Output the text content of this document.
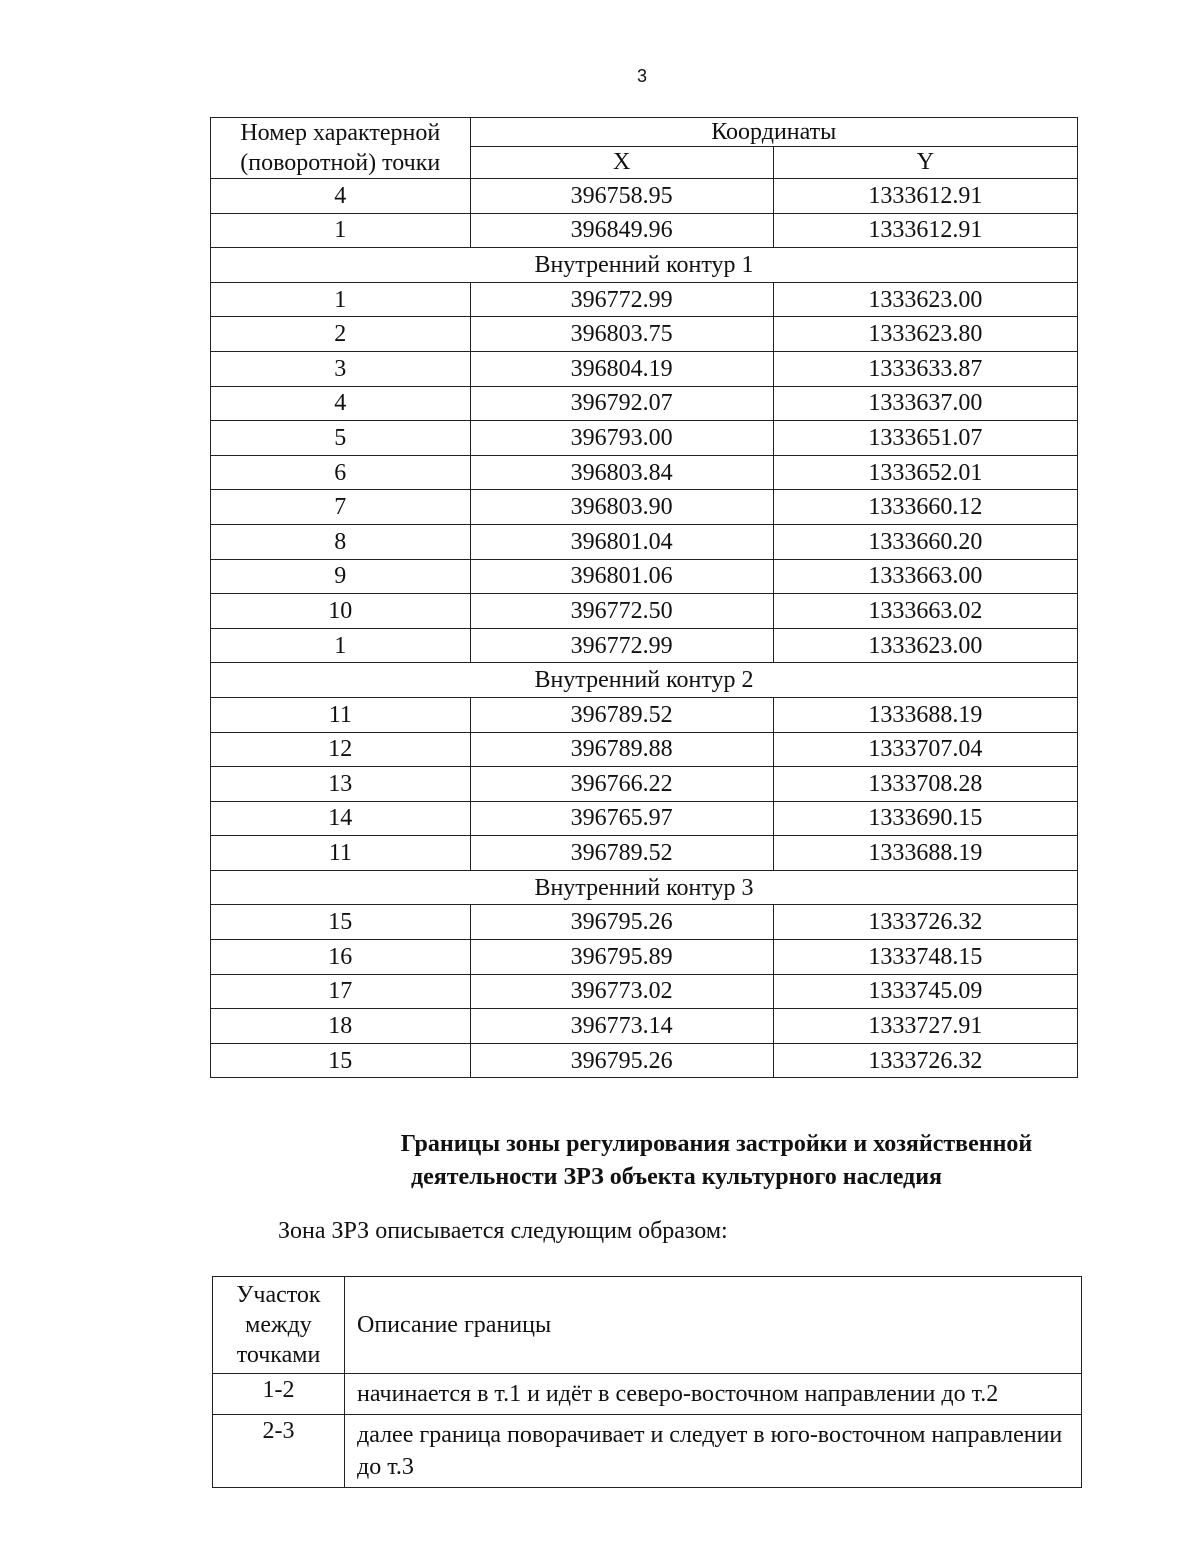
3
Номер характерной
(поворотной) точки	Координаты	
	X	Y
4	396758.95	1333612.91
1	396849.96	1333612.91
Внутренний контур 1		
1	396772.99	1333623.00
2	396803.75	1333623.80
3	396804.19	1333633.87
4	396792.07	1333637.00
5	396793.00	1333651.07
6	396803.84	1333652.01
7	396803.90	1333660.12
8	396801.04	1333660.20
9	396801.06	1333663.00
10	396772.50	1333663.02
1	396772.99	1333623.00
Внутренний контур 2		
11	396789.52	1333688.19
12	396789.88	1333707.04
13	396766.22	1333708.28
14	396765.97	1333690.15
11	396789.52	1333688.19
Внутренний контур 3		
15	396795.26	1333726.32
16	396795.89	1333748.15
17	396773.02	1333745.09
18	396773.14	1333727.91
15	396795.26	1333726.32
Границы зоны регулирования застройки и хозяйственной
деятельности ЗРЗ объекта культурного наследия
Зона ЗРЗ описывается следующим образом:
Участок
между
точками	Описание границы
1-2	начинается в т.1 и идёт в северо-восточном направлении до т.2
2-3	далее граница поворачивает и следует в юго-восточном направлении до т.3
